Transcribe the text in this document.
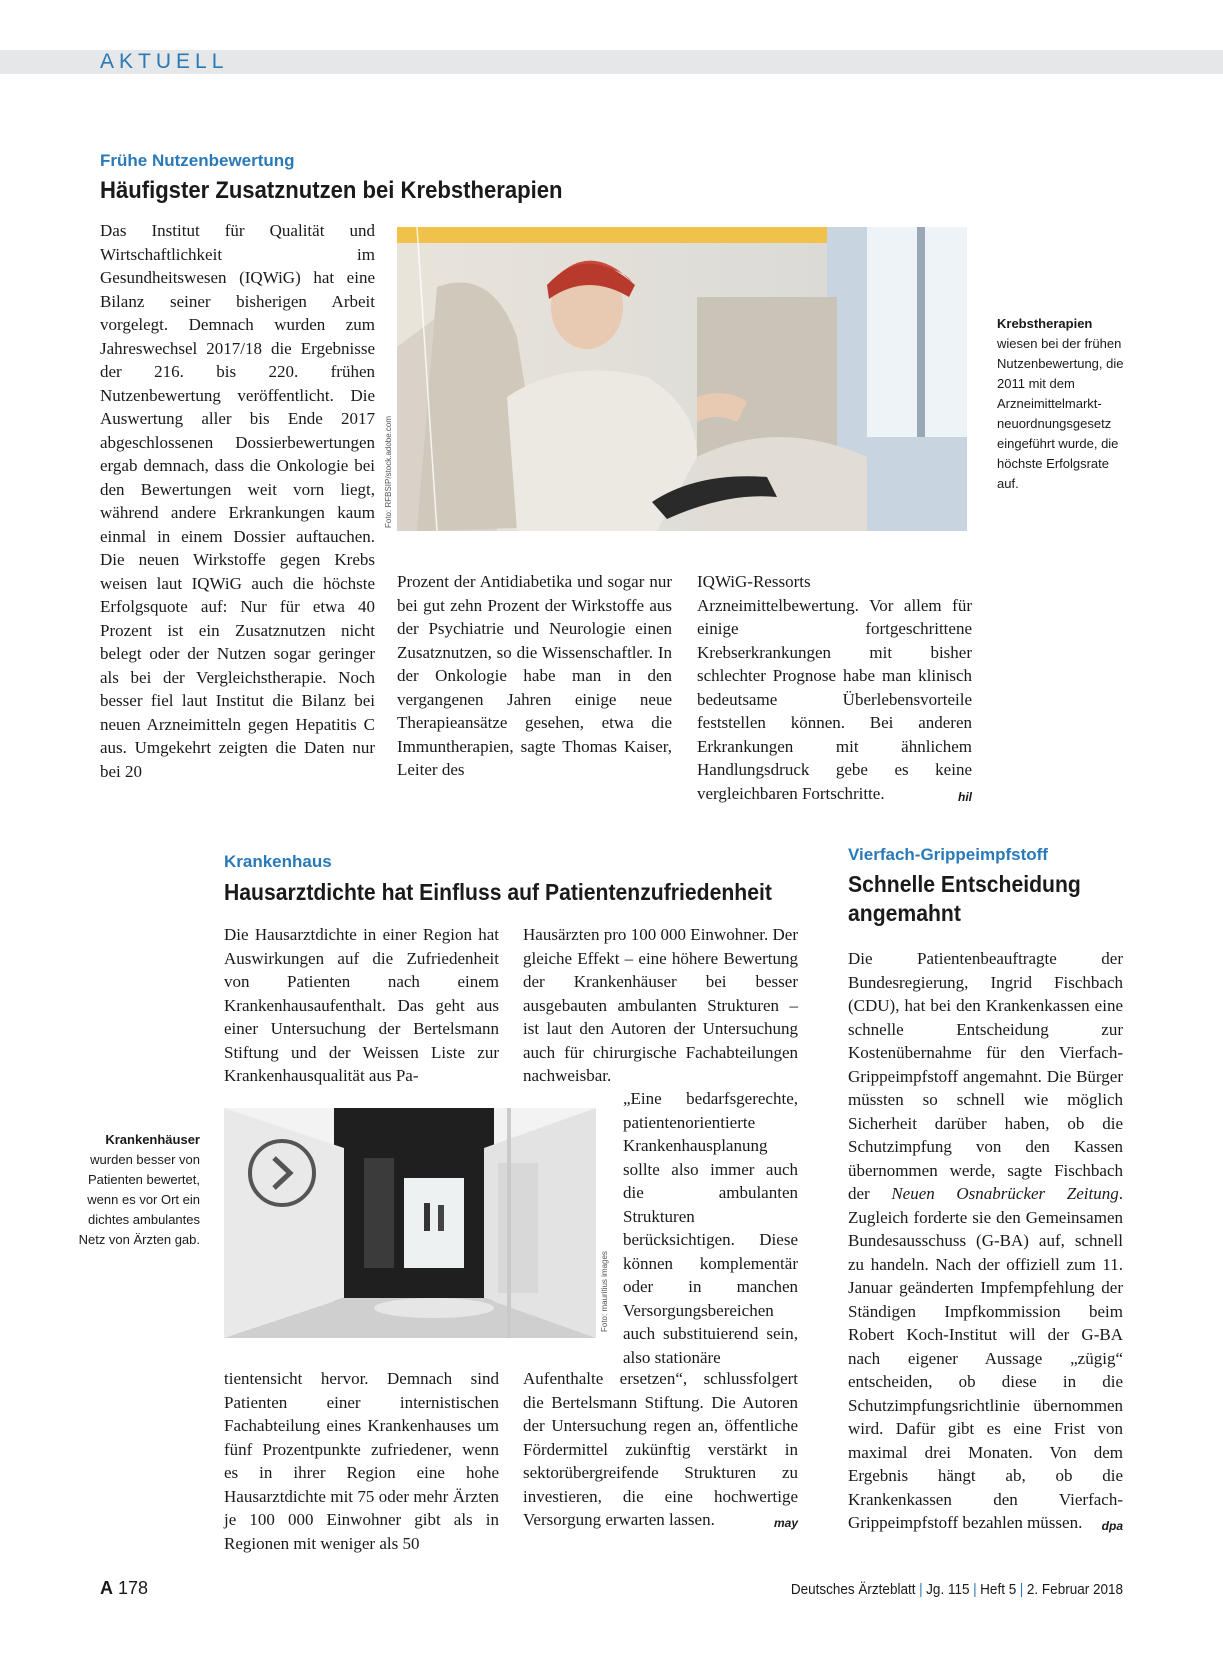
AKTUELL
Frühe Nutzenbewertung
Häufigster Zusatznutzen bei Krebstherapien
Das Institut für Qualität und Wirtschaftlichkeit im Gesundheitswesen (IQWiG) hat eine Bilanz seiner bisherigen Arbeit vorgelegt. Demnach wurden zum Jahreswechsel 2017/18 die Ergebnisse der 216. bis 220. frühen Nutzenbewertung veröffentlicht. Die Auswertung aller bis Ende 2017 abgeschlossenen Dossierbewertungen ergab demnach, dass die Onkologie bei den Bewertungen weit vorn liegt, während andere Erkrankungen kaum einmal in einem Dossier auftauchen. Die neuen Wirkstoffe gegen Krebs weisen laut IQWiG auch die höchste Erfolgsquote auf: Nur für etwa 40 Prozent ist ein Zusatznutzen nicht belegt oder der Nutzen sogar geringer als bei der Vergleichstherapie. Noch besser fiel laut Institut die Bilanz bei neuen Arzneimitteln gegen Hepatitis C aus. Umgekehrt zeigten die Daten nur bei 20
Foto: RFBSIP/stock.adobe.com
Krebstherapien
wiesen bei der frühen Nutzenbewertung, die 2011 mit dem Arzneimittelmarktneuordnungsgesetz eingeführt wurde, die höchste Erfolgsrate auf.
Prozent der Antidiabetika und sogar nur bei gut zehn Prozent der Wirkstoffe aus der Psychiatrie und Neurologie einen Zusatznutzen, so die Wissenschaftler. In der Onkologie habe man in den vergangenen Jahren einige neue Therapieansätze gesehen, etwa die Immuntherapien, sagte Thomas Kaiser, Leiter des
IQWiG-Ressorts Arzneimittelbewertung. Vor allem für einige fortgeschrittene Krebserkrankungen mit bisher schlechter Prognose habe man klinisch bedeutsame Überlebensvorteile feststellen können. Bei anderen Erkrankungen mit ähnlichem Handlungsdruck gebe es keine vergleichbaren Fortschritte.	hil
Krankenhaus
Hausarztdichte hat Einfluss auf Patientenzufriedenheit
Die Hausarztdichte in einer Region hat Auswirkungen auf die Zufriedenheit von Patienten nach einem Krankenhausaufenthalt. Das geht aus einer Untersuchung der Bertelsmann Stiftung und der Weissen Liste zur Krankenhausqualität aus Pa-
Foto: mauritius images
Krankenhäuser
wurden besser von Patienten bewertet, wenn es vor Ort ein dichtes ambulantes Netz von Ärzten gab.
tientensicht hervor. Demnach sind Patienten einer internistischen Fachabteilung eines Krankenhauses um fünf Prozentpunkte zufriedener, wenn es in ihrer Region eine hohe Hausarztdichte mit 75 oder mehr Ärzten je 100 000 Einwohner gibt als in Regionen mit weniger als 50
Hausärzten pro 100 000 Einwohner. Der gleiche Effekt – eine höhere Bewertung der Krankenhäuser bei besser ausgebauten ambulanten Strukturen – ist laut den Autoren der Untersuchung auch für chirurgische Fachabteilungen nachweisbar.
„Eine bedarfsgerechte, patientenorientierte Krankenhausplanung sollte also immer auch die ambulanten Strukturen berücksichtigen. Diese können komplementär oder in manchen Versorgungsbereichen auch substituierend sein, also stationäre
Aufenthalte ersetzen“, schlussfolgert die Bertelsmann Stiftung. Die Autoren der Untersuchung regen an, öffentliche Fördermittel zukünftig verstärkt in sektorübergreifende Strukturen zu investieren, die eine hochwertige Versorgung erwarten lassen.	may
Vierfach-Grippeimpfstoff
Schnelle Entscheidung angemahnt
Die Patientenbeauftragte der Bundesregierung, Ingrid Fischbach (CDU), hat bei den Krankenkassen eine schnelle Entscheidung zur Kostenübernahme für den Vierfach-Grippeimpfstoff angemahnt. Die Bürger müssten so schnell wie möglich Sicherheit darüber haben, ob die Schutzimpfung von den Kassen übernommen werde, sagte Fischbach der Neuen Osnabrücker Zeitung. Zugleich forderte sie den Gemeinsamen Bundesausschuss (G-BA) auf, schnell zu handeln. Nach der offiziell zum 11. Januar geänderten Impfempfehlung der Ständigen Impfkommission beim Robert Koch-Institut will der G-BA nach eigener Aussage „zügig“ entscheiden, ob diese in die Schutzimpfungsrichtlinie übernommen wird. Dafür gibt es eine Frist von maximal drei Monaten. Von dem Ergebnis hängt ab, ob die Krankenkassen den Vierfach-Grippeimpfstoff bezahlen müssen. dpa
A 178	Deutsches Ärzteblatt | Jg. 115 | Heft 5 | 2. Februar 2018
